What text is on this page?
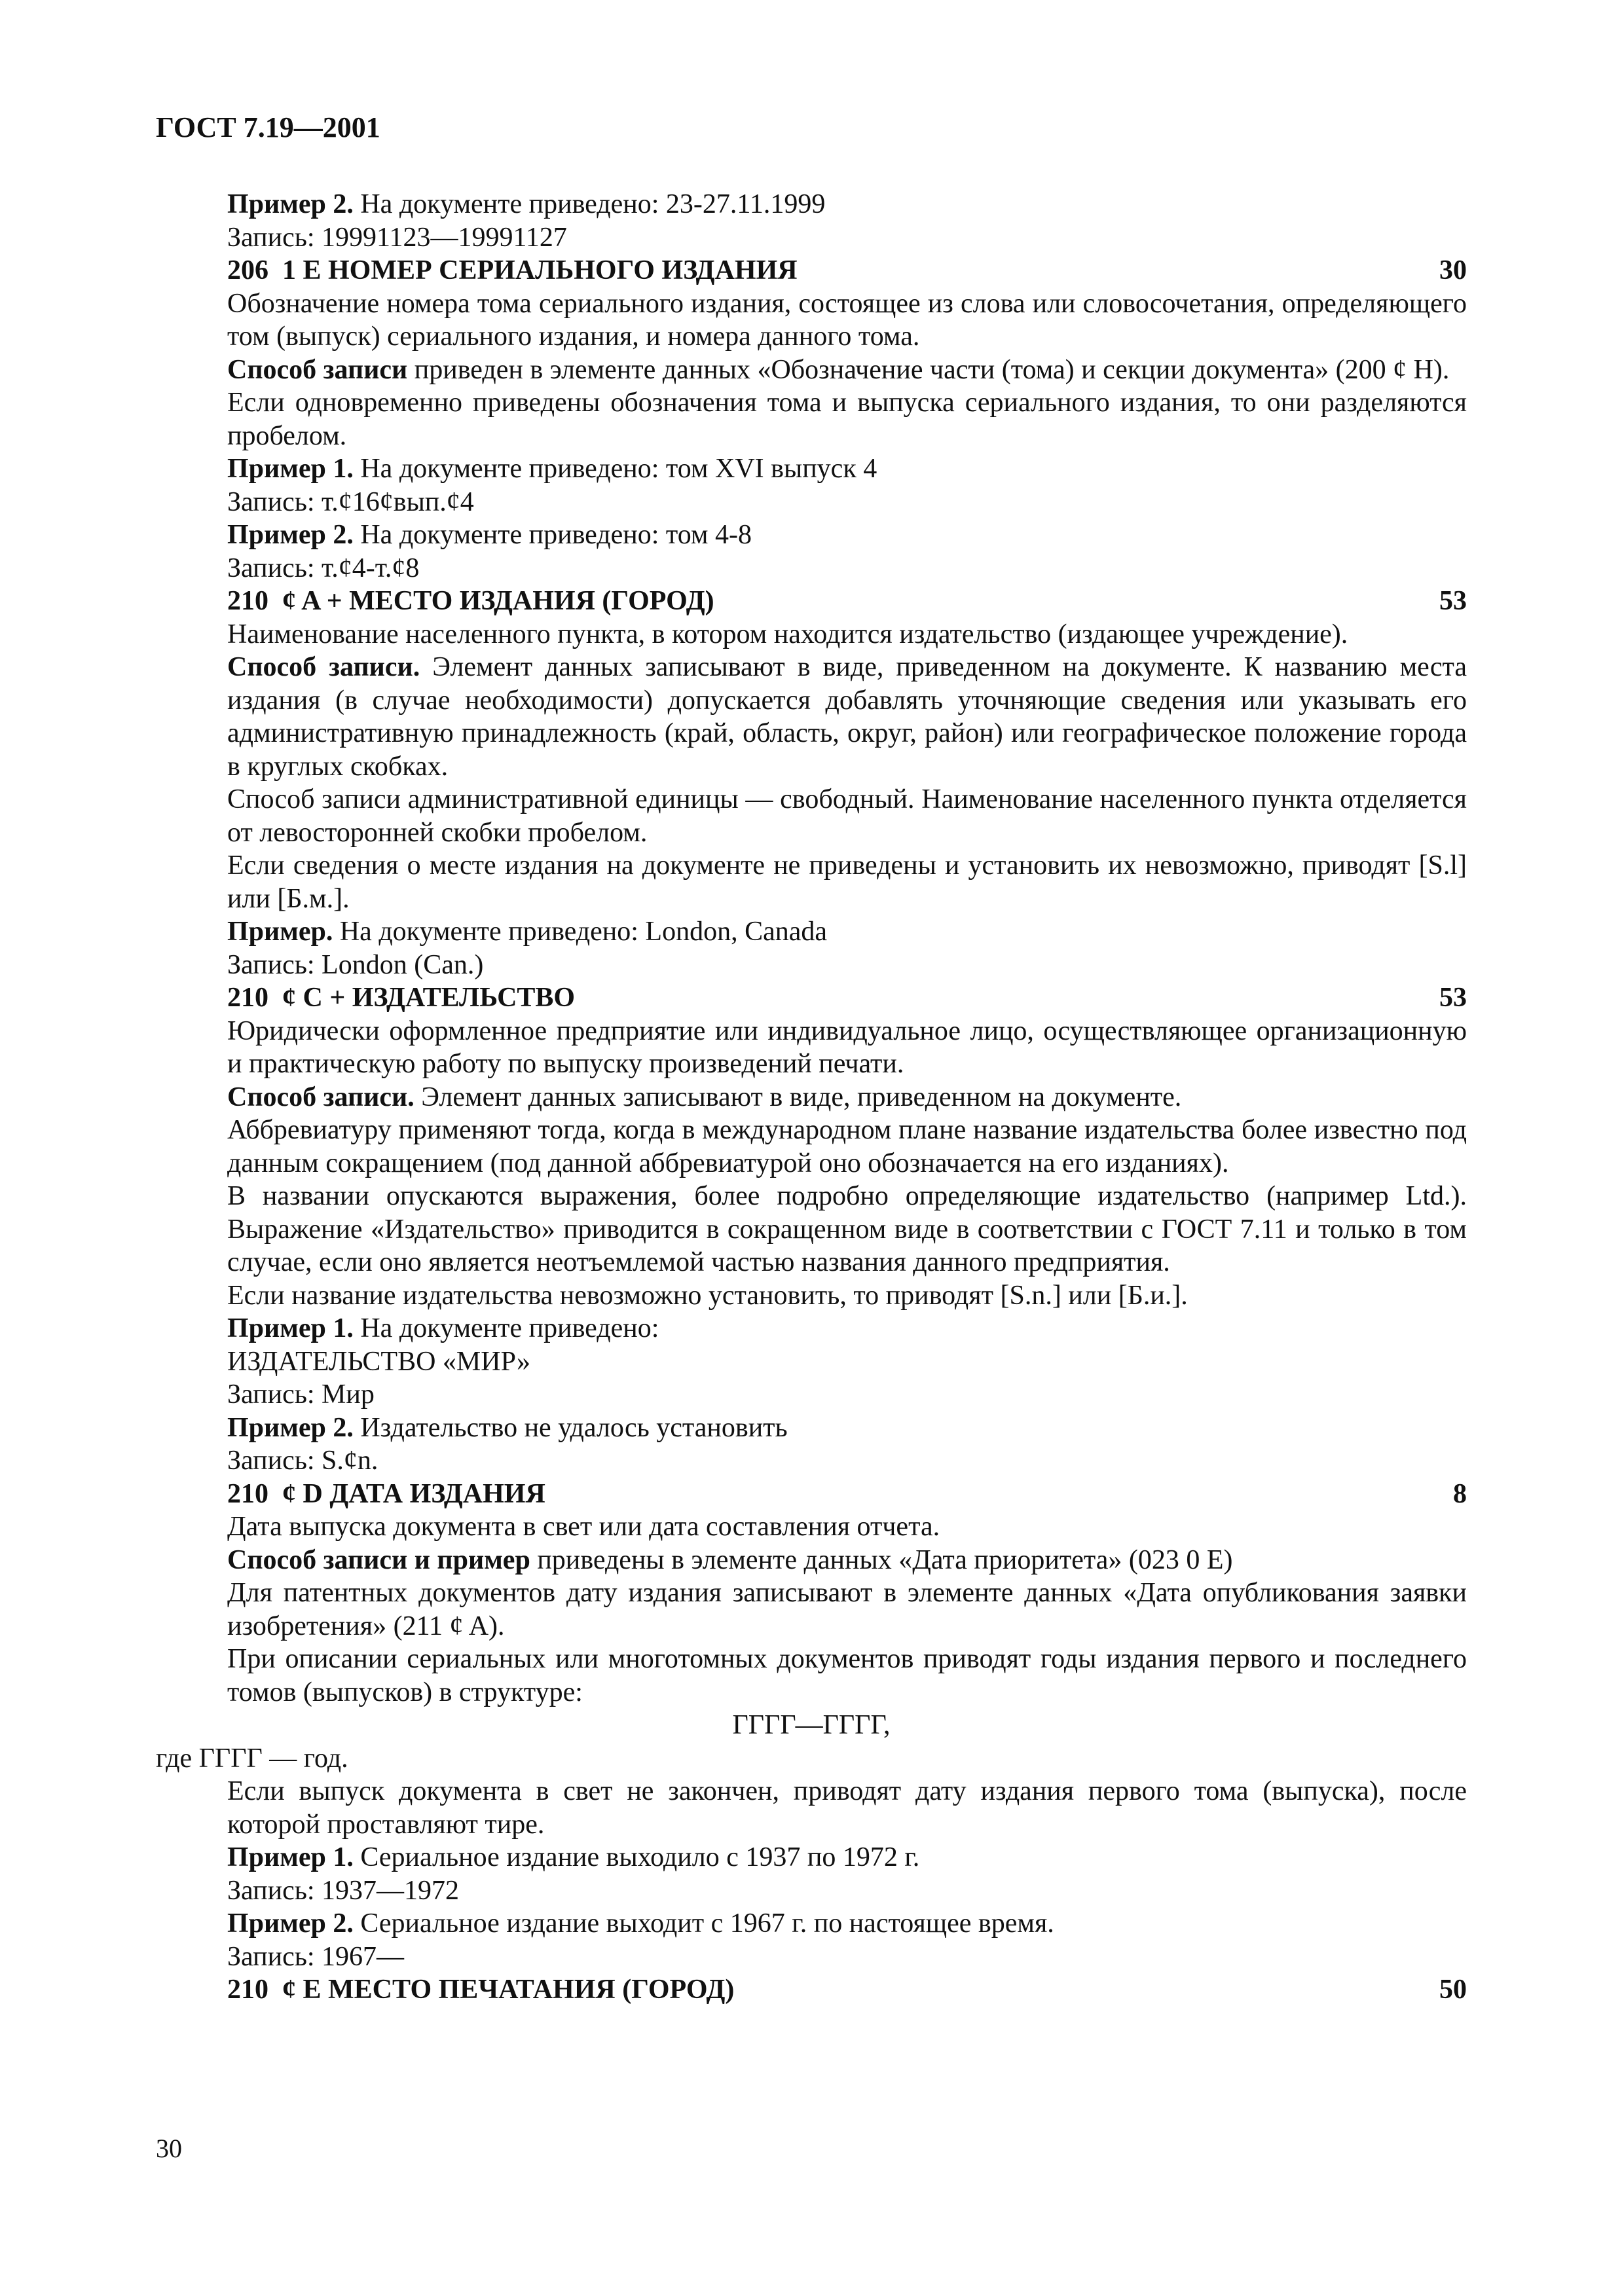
ГОСТ 7.19—2001

Пример 2. На документе приведено: 23-27.11.1999

Запись: 19991123—19991127

206  1 E НОМЕР СЕРИАЛЬНОГО ИЗДАНИЯ	30

Обозначение номера тома сериального издания, состоящее из слова или словосочетания, определяющего том (выпуск) сериального издания, и номера данного тома.

Способ записи приведен в элементе данных «Обозначение части (тома) и секции документа» (200 ȼ H).

Если одновременно приведены обозначения тома и выпуска сериального издания, то они разделяются пробелом.

Пример 1. На документе приведено: том XVI выпуск 4

Запись: т.ȼ16ȼвып.ȼ4

Пример 2. На документе приведено: том 4-8

Запись: т.ȼ4-т.ȼ8

210  ȼ A + МЕСТО ИЗДАНИЯ (ГОРОД)	53

Наименование населенного пункта, в котором находится издательство (издающее учреждение).

Способ записи. Элемент данных записывают в виде, приведенном на документе. К названию места издания (в случае необходимости) допускается добавлять уточняющие сведения или указывать его административную принадлежность (край, область, округ, район) или географическое положение города в круглых скобках.

Способ записи административной единицы — свободный. Наименование населенного пункта отделяется от левосторонней скобки пробелом.

Если сведения о месте издания на документе не приведены и установить их невозможно, приводят [S.l] или [Б.м.].

Пример. На документе приведено: London, Canada

Запись: London (Can.)

210  ȼ C + ИЗДАТЕЛЬСТВО	53

Юридически оформленное предприятие или индивидуальное лицо, осуществляющее организационную и практическую работу по выпуску произведений печати.

Способ записи. Элемент данных записывают в виде, приведенном на документе.

Аббревиатуру применяют тогда, когда в международном плане название издательства более известно под данным сокращением (под данной аббревиатурой оно обозначается на его изданиях).

В названии опускаются выражения, более подробно определяющие издательство (например Ltd.). Выражение «Издательство» приводится в сокращенном виде в соответствии с ГОСТ 7.11 и только в том случае, если оно является неотъемлемой частью названия данного предприятия.

Если название издательства невозможно установить, то приводят [S.n.] или [Б.и.].

Пример 1. На документе приведено:

ИЗДАТЕЛЬСТВО «МИР»

Запись: Мир

Пример 2. Издательство не удалось установить

Запись: S.ȼn.

210  ȼ D ДАТА ИЗДАНИЯ	8

Дата выпуска документа в свет или дата составления отчета.

Способ записи и пример приведены в элементе данных «Дата приоритета» (023 0 E)

Для патентных документов дату издания записывают в элементе данных «Дата опубликования заявки изобретения» (211 ȼ A).

При описании сериальных или многотомных документов приводят годы издания первого и последнего томов (выпусков) в структуре:

ГГГГ—ГГГГ,

где ГГГГ — год.

Если выпуск документа в свет не закончен, приводят дату издания первого тома (выпуска), после которой проставляют тире.

Пример 1. Сериальное издание выходило с 1937 по 1972 г.

Запись: 1937—1972

Пример 2. Сериальное издание выходит с 1967 г. по настоящее время.

Запись: 1967—

210  ȼ E МЕСТО ПЕЧАТАНИЯ (ГОРОД)	50

30
